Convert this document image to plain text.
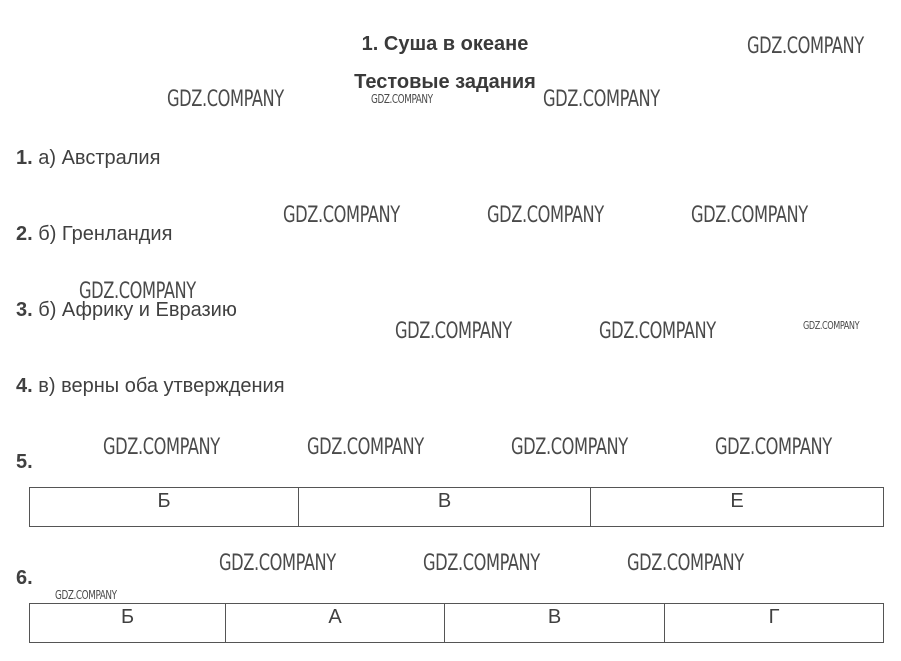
1. Суша в океане
Тестовые задания
1. а) Австралия
2. б) Гренландия
3. б) Африку и Евразию
4. в) верны оба утверждения
5.
6.
Б	В	Е
Б	А	В	Г
GDZ.COMPANY
GDZ.COMPANY	GDZ.COMPANY	GDZ.COMPANY
GDZ.COMPANY	GDZ.COMPANY	GDZ.COMPANY
GDZ.COMPANY
GDZ.COMPANY	GDZ.COMPANY	GDZ.COMPANY
GDZ.COMPANY	GDZ.COMPANY	GDZ.COMPANY	GDZ.COMPANY
GDZ.COMPANY	GDZ.COMPANY	GDZ.COMPANY
GDZ.COMPANY
